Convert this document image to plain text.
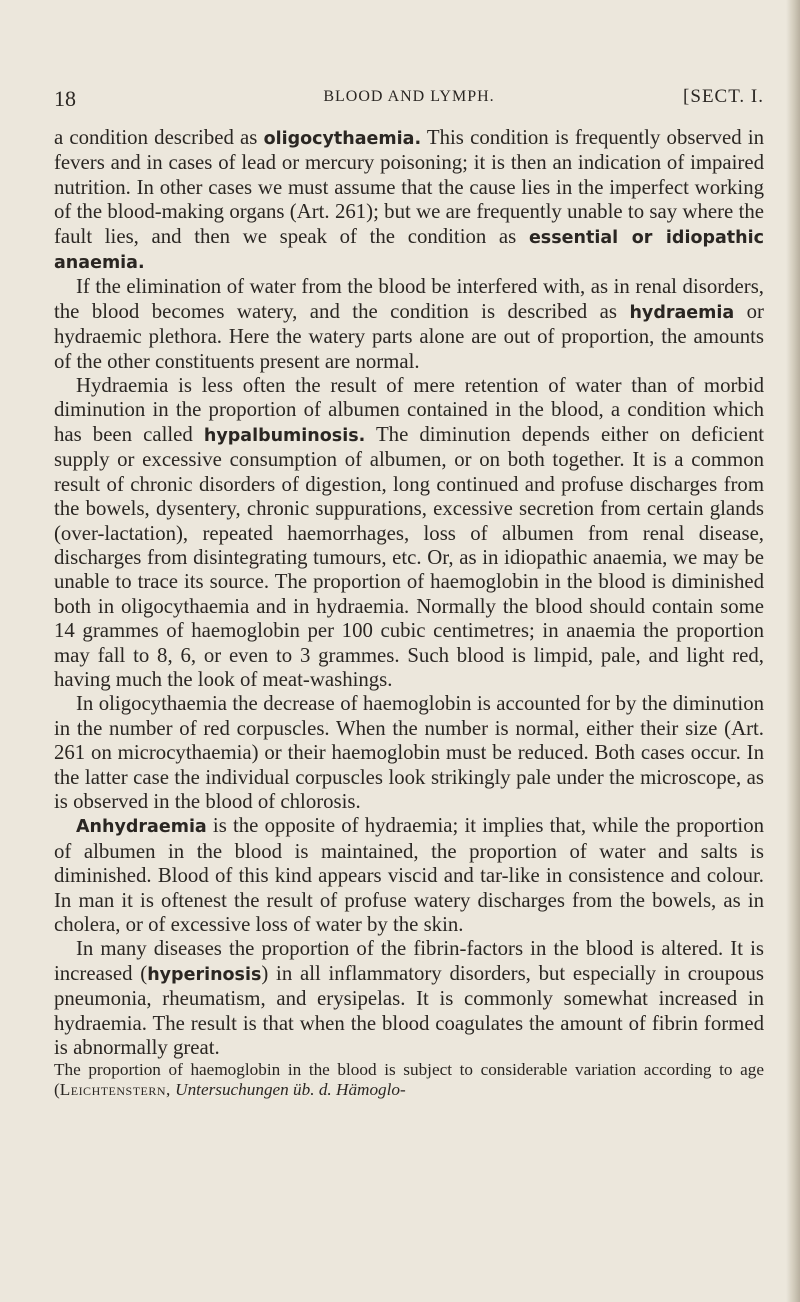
18	BLOOD AND LYMPH.	[SECT. I.

a condition described as oligocythaemia. This condition is frequently observed in fevers and in cases of lead or mercury poisoning; it is then an indication of impaired nutrition. In other cases we must assume that the cause lies in the imperfect working of the blood-making organs (Art. 261); but we are frequently unable to say where the fault lies, and then we speak of the condition as essential or idiopathic anaemia.

If the elimination of water from the blood be interfered with, as in renal disorders, the blood becomes watery, and the condition is described as hydraemia or hydraemic plethora. Here the watery parts alone are out of proportion, the amounts of the other constituents present are normal.

Hydraemia is less often the result of mere retention of water than of morbid diminution in the proportion of albumen contained in the blood, a condition which has been called hypalbuminosis. The diminution depends either on deficient supply or excessive consumption of albumen, or on both together. It is a common result of chronic disorders of digestion, long continued and profuse discharges from the bowels, dysentery, chronic suppurations, excessive secretion from certain glands (over-lactation), repeated haemorrhages, loss of albumen from renal disease, discharges from disintegrating tumours, etc. Or, as in idiopathic anaemia, we may be unable to trace its source. The proportion of haemoglobin in the blood is diminished both in oligocythaemia and in hydraemia. Normally the blood should contain some 14 grammes of haemoglobin per 100 cubic centimetres; in anaemia the proportion may fall to 8, 6, or even to 3 grammes. Such blood is limpid, pale, and light red, having much the look of meat-washings.

In oligocythaemia the decrease of haemoglobin is accounted for by the diminution in the number of red corpuscles. When the number is normal, either their size (Art. 261 on microcythaemia) or their haemoglobin must be reduced. Both cases occur. In the latter case the individual corpuscles look strikingly pale under the microscope, as is observed in the blood of chlorosis.

Anhydraemia is the opposite of hydraemia; it implies that, while the proportion of albumen in the blood is maintained, the proportion of water and salts is diminished. Blood of this kind appears viscid and tar-like in consistence and colour. In man it is oftenest the result of profuse watery discharges from the bowels, as in cholera, or of excessive loss of water by the skin.

In many diseases the proportion of the fibrin-factors in the blood is altered. It is increased (hyperinosis) in all inflammatory disorders, but especially in croupous pneumonia, rheumatism, and erysipelas. It is commonly somewhat increased in hydraemia. The result is that when the blood coagulates the amount of fibrin formed is abnormally great.

The proportion of haemoglobin in the blood is subject to considerable variation according to age (Leichtenstern, Untersuchungen üb. d. Hämoglo-
